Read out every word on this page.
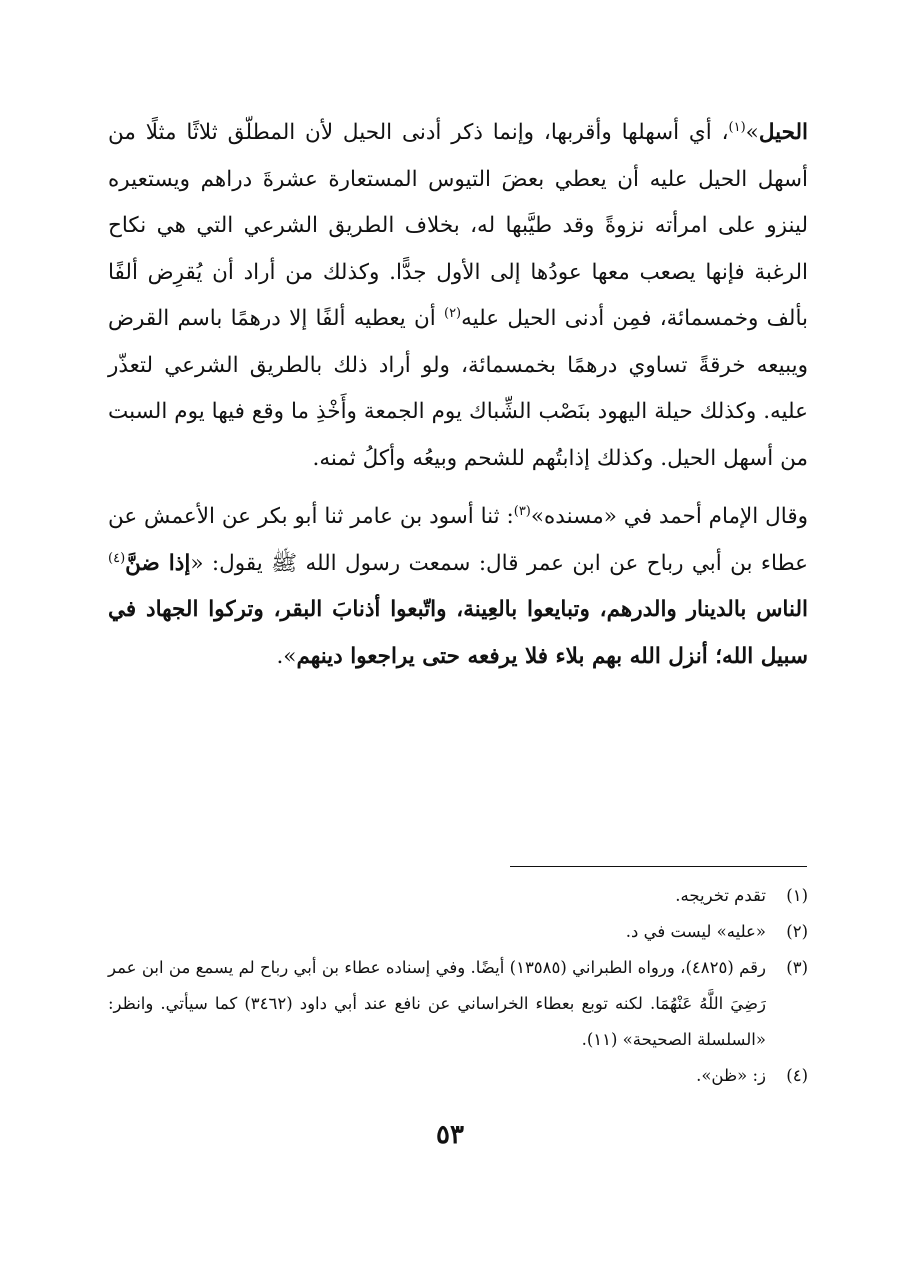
الحيل»$^{(١)}$، أي أسهلها وأقربها، وإنما ذكر أدنى الحيل لأن المطلّق ثلاثًا مثلًا من أسهل الحيل عليه أن يعطي بعضَ التيوس المستعارة عشرةَ دراهم ويستعيره لينزو على امرأته نزوةً وقد طيَّبها له، بخلاف الطريق الشرعي التي هي نكاح الرغبة فإنها يصعب معها عودُها إلى الأول جدًّا. وكذلك من أراد أن يُقرِض ألفًا بألف وخمسمائة، فمِن أدنى الحيل عليه$^{(٢)}$ أن يعطيه ألفًا إلا درهمًا باسم القرض ويبيعه خرقةً تساوي درهمًا بخمسمائة، ولو أراد ذلك بالطريق الشرعي لتعذّر عليه. وكذلك حيلة اليهود بنَصْب الشِّباك يوم الجمعة وأَخْذِ ما وقع فيها يوم السبت من أسهل الحيل. وكذلك إذابتُهم للشحم وبيعُه وأكلُ ثمنه.

وقال الإمام أحمد في «مسنده»$^{(٣)}$: ثنا أسود بن عامر ثنا أبو بكر عن الأعمش عن عطاء بن أبي رباح عن ابن عمر قال: سمعت رسول الله ﷺ يقول: «إذا ضنَّ$^{(٤)}$ الناس بالدينار والدرهم، وتبايعوا بالعِينة، واتّبعوا أذنابَ البقر، وتركوا الجهاد في سبيل الله؛ أنزل الله بهم بلاء فلا يرفعه حتى يراجعوا دينهم».

(١)
تقدم تخريجه.
(٢)
«عليه» ليست في د.
(٣)
رقم (٤٨٢٥)، ورواه الطبراني (١٣٥٨٥) أيضًا. وفي إسناده عطاء بن أبي رباح لم يسمع من ابن عمر رَضِيَ اللَّهُ عَنْهُمَا. لكنه توبع بعطاء الخراساني عن نافع عند أبي داود (٣٤٦٢) كما سيأتي. وانظر: «السلسلة الصحيحة» (١١).
(٤)
ز: «ظن».
٥٣
